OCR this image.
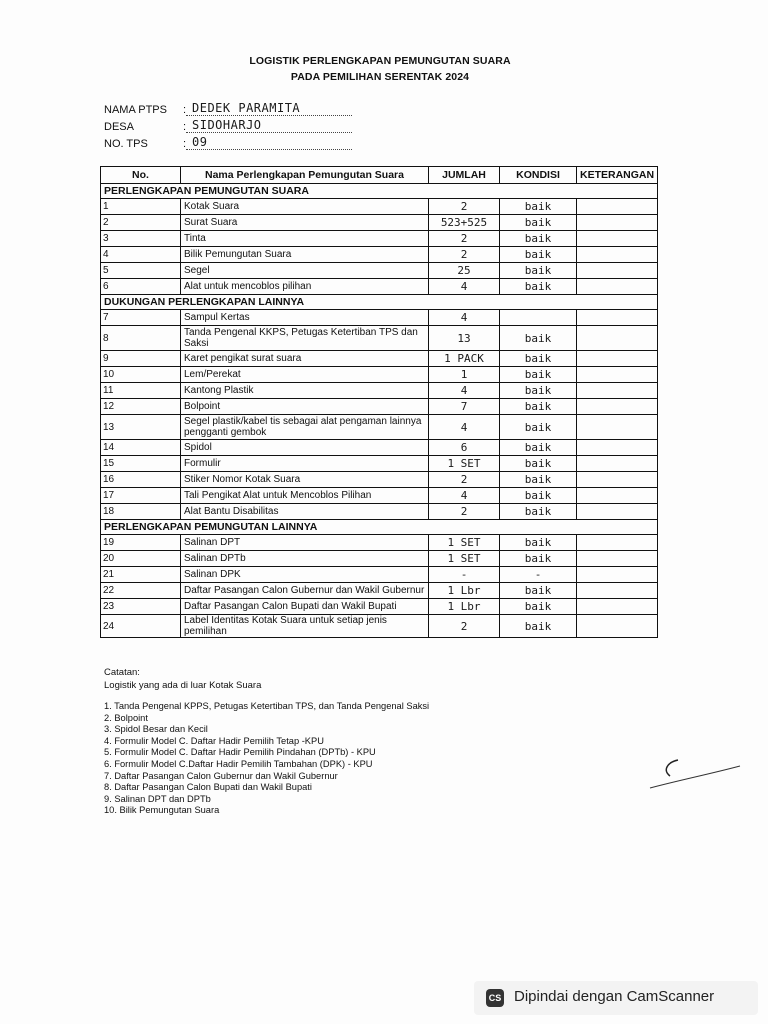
LOGISTIK PERLENGKAPAN PEMUNGUTAN SUARA
PADA PEMILIHAN SERENTAK 2024
NAMA PTPS : DEDEK PARAMITA
DESA	: SIDOHARJO
NO. TPS	: 09
No.	Nama Perlengkapan Pemungutan Suara	JUMLAH	KONDISI	KETERANGAN
PERLENGKAPAN PEMUNGUTAN SUARA				
1	Kotak Suara	2	baik	
2	Surat Suara	523+525	baik	
3	Tinta	2	baik	
4	Bilik Pemungutan Suara	2	baik	
5	Segel	25	baik	
6	Alat untuk mencoblos pilihan	4	baik	
DUKUNGAN PERLENGKAPAN LAINNYA				
7	Sampul Kertas	4		
8	Tanda Pengenal KKPS, Petugas Ketertiban TPS dan Saksi	13	baik	
9	Karet pengikat surat suara	1 PACK	baik	
10	Lem/Perekat	1	baik	
11	Kantong Plastik	4	baik	
12	Bolpoint	7	baik	
13	Segel plastik/kabel tis sebagai alat pengaman lainnya pengganti gembok	4	baik	
14	Spidol	6	baik	
15	Formulir	1 SET	baik	
16	Stiker Nomor Kotak Suara	2	baik	
17	Tali Pengikat Alat untuk Mencoblos Pilihan	4	baik	
18	Alat Bantu Disabilitas	2	baik	
PERLENGKAPAN PEMUNGUTAN LAINNYA				
19	Salinan DPT	1 SET	baik	
20	Salinan DPTb	1 SET	baik	
21	Salinan DPK	-	-	
22	Daftar Pasangan Calon Gubernur dan Wakil Gubernur	1 Lbr	baik	
23	Daftar Pasangan Calon Bupati dan Wakil Bupati	1 Lbr	baik	
24	Label Identitas Kotak Suara untuk setiap jenis pemilihan	2	baik	
Catatan:
Logistik yang ada di luar Kotak Suara
1. Tanda Pengenal KPPS, Petugas Ketertiban TPS, dan Tanda Pengenal Saksi
2. Bolpoint
3. Spidol Besar dan Kecil
4. Formulir Model C. Daftar Hadir Pemilih Tetap -KPU
5. Formulir Model C. Daftar Hadir Pemilih Pindahan (DPTb) - KPU
6. Formulir Model C.Daftar Hadir Pemilih Tambahan (DPK) - KPU
7. Daftar Pasangan Calon Gubernur dan Wakil Gubernur
8. Daftar Pasangan Calon Bupati dan Wakil Bupati
9. Salinan DPT dan DPTb
10. Bilik Pemungutan Suara
CS Dipindai dengan CamScanner
